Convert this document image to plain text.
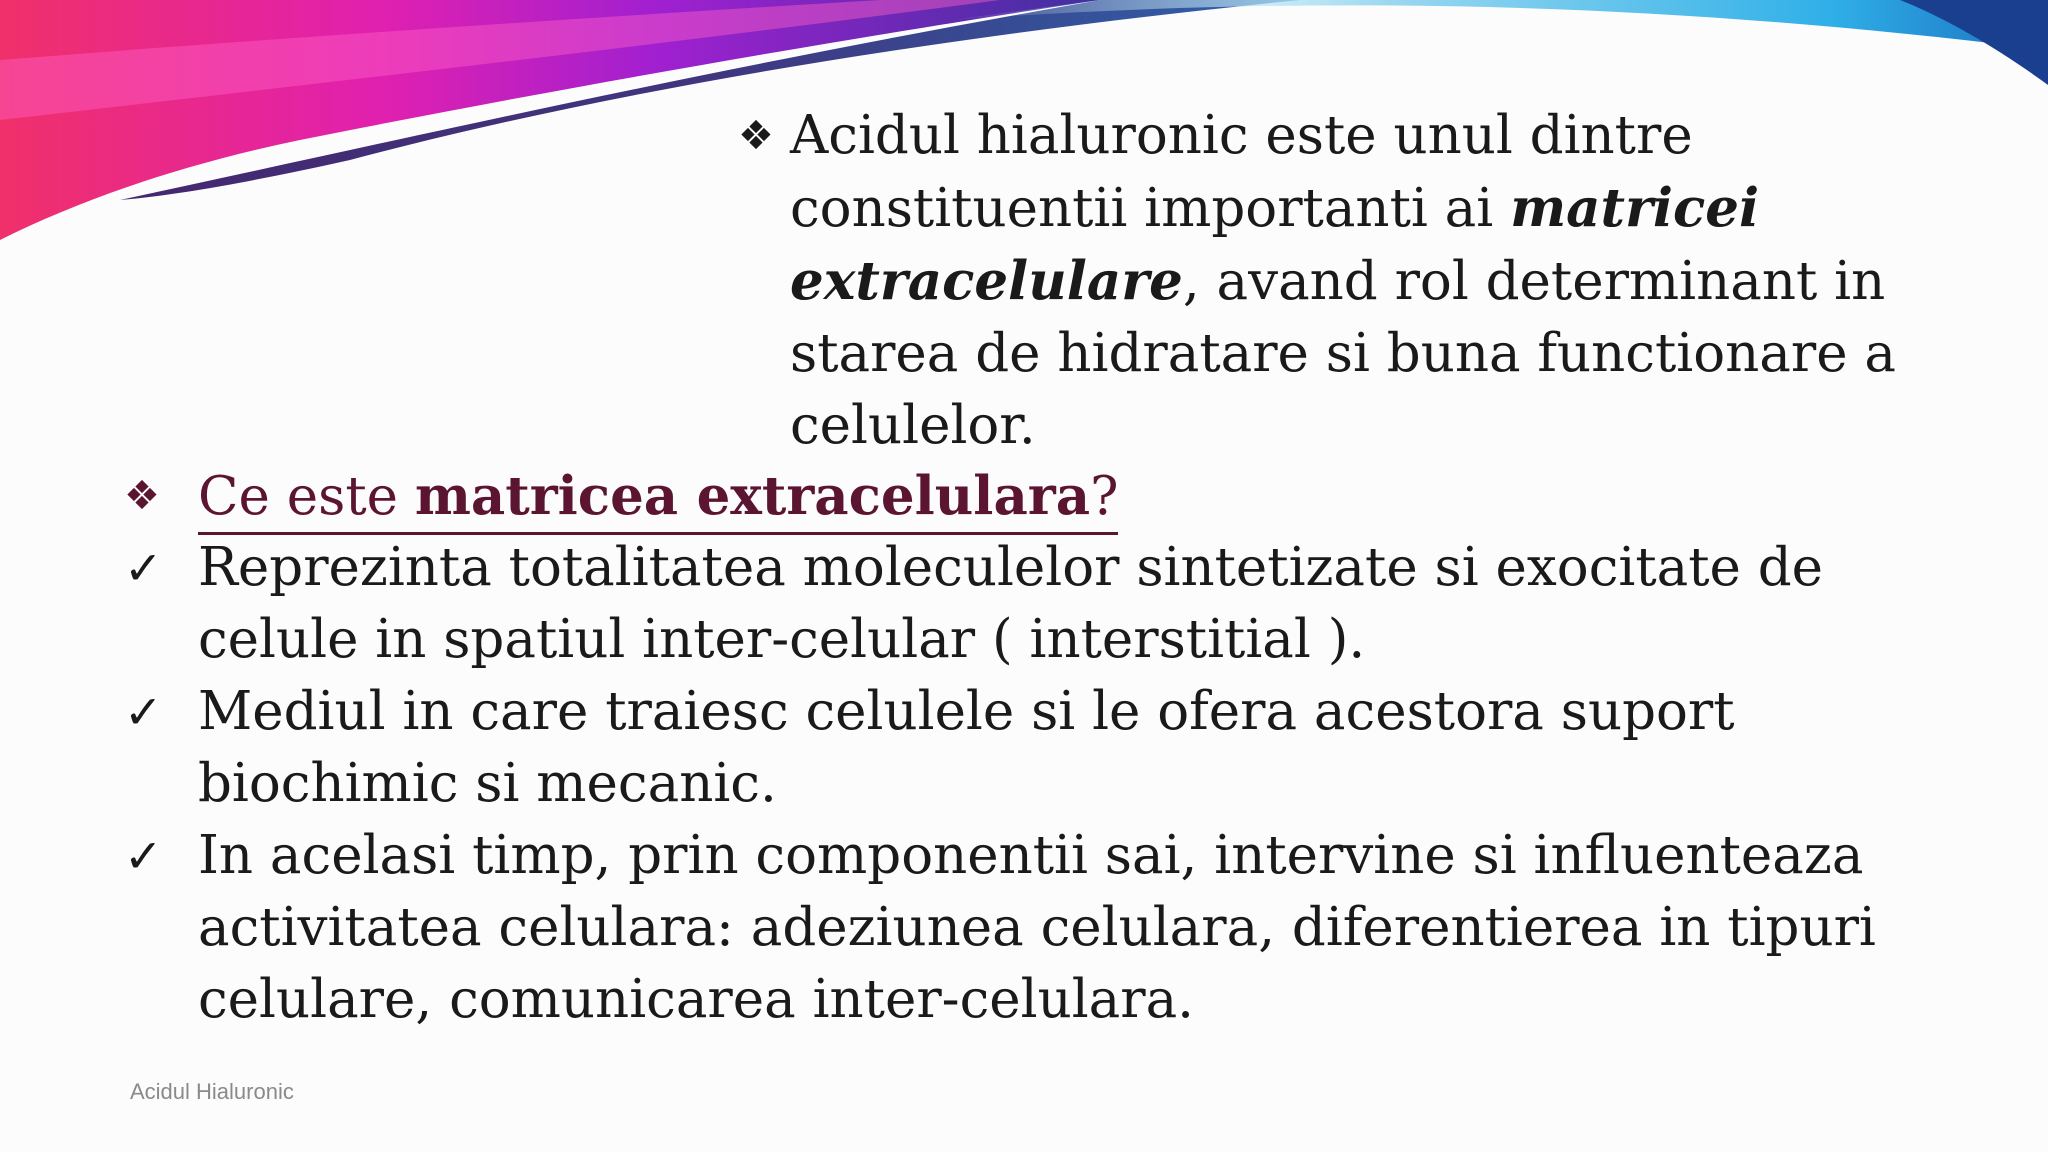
❖ Acidul hialuronic este unul dintre constituentii importanti ai matricei extracelulare, avand rol determinant in starea de hidratare si buna functionare a celulelor.
❖ Ce este matricea extracelulara?
✓ Reprezinta totalitatea moleculelor sintetizate si exocitate de celule in spatiul inter-celular ( interstitial ).
✓ Mediul in care traiesc celulele si le ofera acestora suport biochimic si mecanic.
✓ In acelasi timp, prin componentii sai, intervine si influenteaza activitatea celulara: adeziunea celulara, diferentierea in tipuri celulare, comunicarea inter-celulara.
Acidul Hialuronic
